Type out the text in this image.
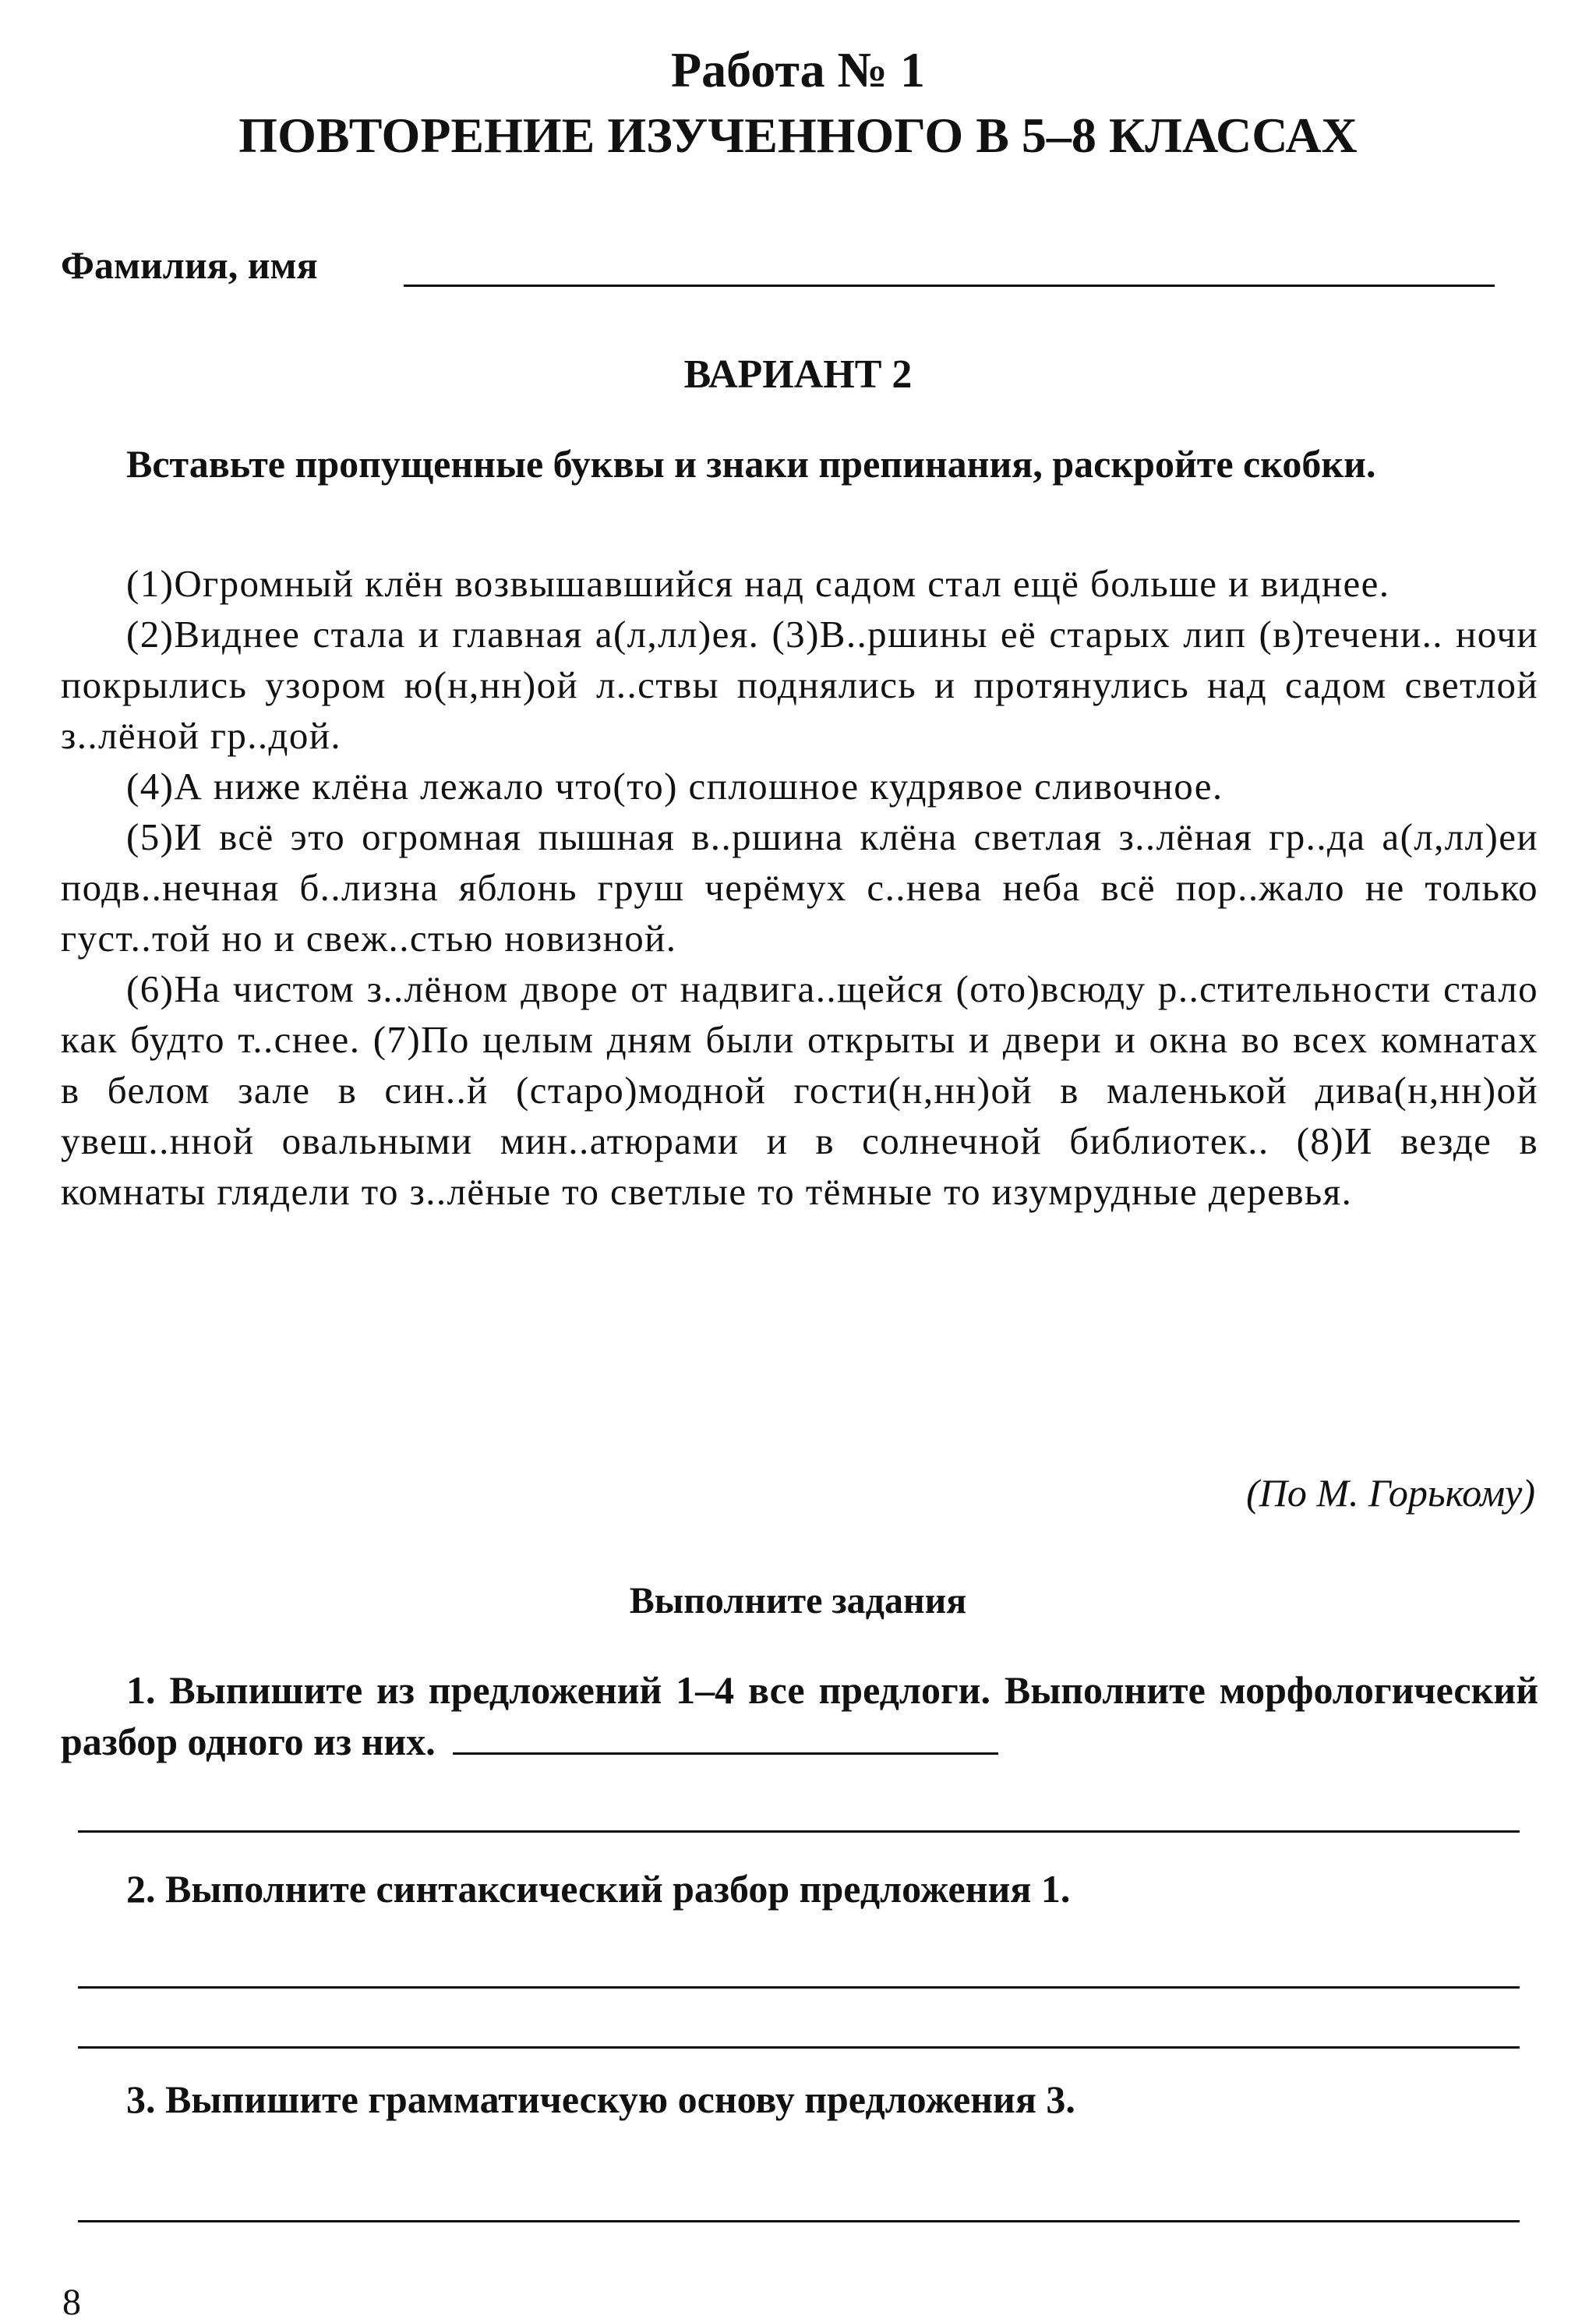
Работа № 1
ПОВТОРЕНИЕ ИЗУЧЕННОГО В 5–8 КЛАССАХ
Фамилия, имя
ВАРИАНТ 2
Вставьте пропущенные буквы и знаки препинания, раскройте скобки.

(1)Огромный клён возвышавшийся над садом стал ещё больше и виднее.

(2)Виднее стала и главная а(л,лл)ея. (3)В..ршины её старых лип (в)течени.. ночи покрылись узором ю(н,нн)ой л..ствы поднялись и протянулись над садом светлой з..лёной гр..дой.

(4)А ниже клёна лежало что(то) сплошное кудрявое сливочное.

(5)И всё это огромная пышная в..ршина клёна светлая з..лёная гр..да а(л,лл)еи подв..нечная б..лизна яблонь груш черёмух с..нева неба всё пор..жало не только густ..той но и свеж..стью новизной.

(6)На чистом з..лёном дворе от надвига..щейся (ото)всюду р..стительности стало как будто т..снее. (7)По целым дням были открыты и двери и окна во всех комнатах в белом зале в син..й (старо)модной гости(н,нн)ой в маленькой дива(н,нн)ой увеш..нной овальными мин..атюрами и в солнечной библиотек.. (8)И везде в комнаты глядели то з..лёные то светлые то тёмные то изумрудные деревья.

(По М. Горькому)
Выполните задания

1. Выпишите из предложений 1–4 все предлоги. Выполните морфологический разбор одного из них.

2. Выполните синтаксический разбор предложения 1.

3. Выпишите грамматическую основу предложения 3.

8
